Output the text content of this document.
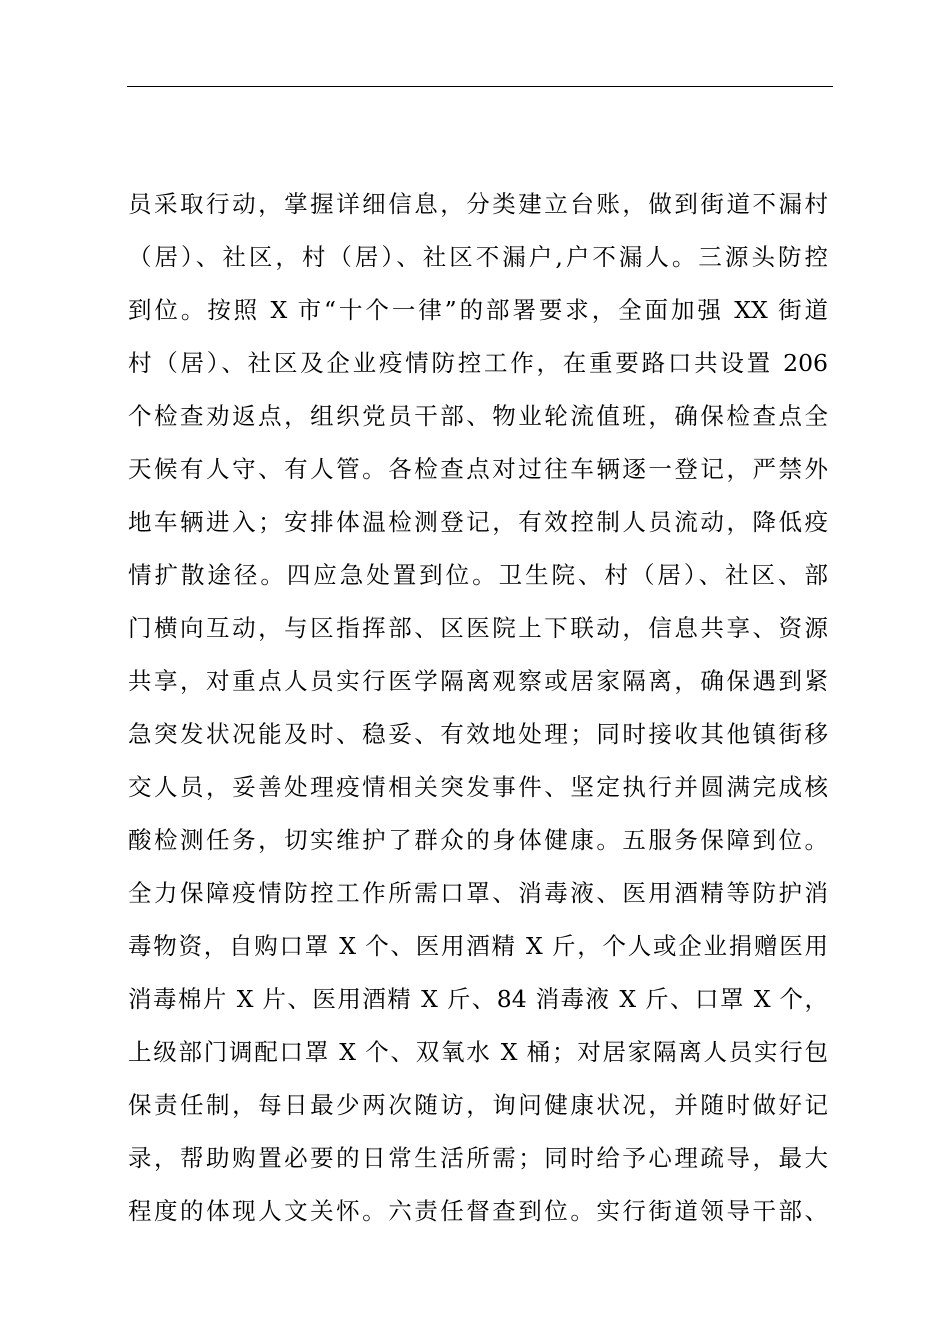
员采取行动，掌握详细信息，分类建立台账，做到街道不漏村
（居）、社区，村（居）、社区不漏户,户不漏人。三源头防控
到位。按照 X 市“十个一律”的部署要求，全面加强 XX 街道
村（居）、社区及企业疫情防控工作，在重要路口共设置 206
个检查劝返点，组织党员干部、物业轮流值班，确保检查点全
天候有人守、有人管。各检查点对过往车辆逐一登记，严禁外
地车辆进入；安排体温检测登记，有效控制人员流动，降低疫
情扩散途径。四应急处置到位。卫生院、村（居）、社区、部
门横向互动，与区指挥部、区医院上下联动，信息共享、资源
共享，对重点人员实行医学隔离观察或居家隔离，确保遇到紧
急突发状况能及时、稳妥、有效地处理；同时接收其他镇街移
交人员，妥善处理疫情相关突发事件、坚定执行并圆满完成核
酸检测任务，切实维护了群众的身体健康。五服务保障到位。
全力保障疫情防控工作所需口罩、消毒液、医用酒精等防护消
毒物资，自购口罩 X 个、医用酒精 X 斤，个人或企业捐赠医用
消毒棉片 X 片、医用酒精 X 斤、84 消毒液 X 斤、口罩 X 个，
上级部门调配口罩 X 个、双氧水 X 桶；对居家隔离人员实行包
保责任制，每日最少两次随访，询问健康状况，并随时做好记
录，帮助购置必要的日常生活所需；同时给予心理疏导，最大
程度的体现人文关怀。六责任督查到位。实行街道领导干部、
